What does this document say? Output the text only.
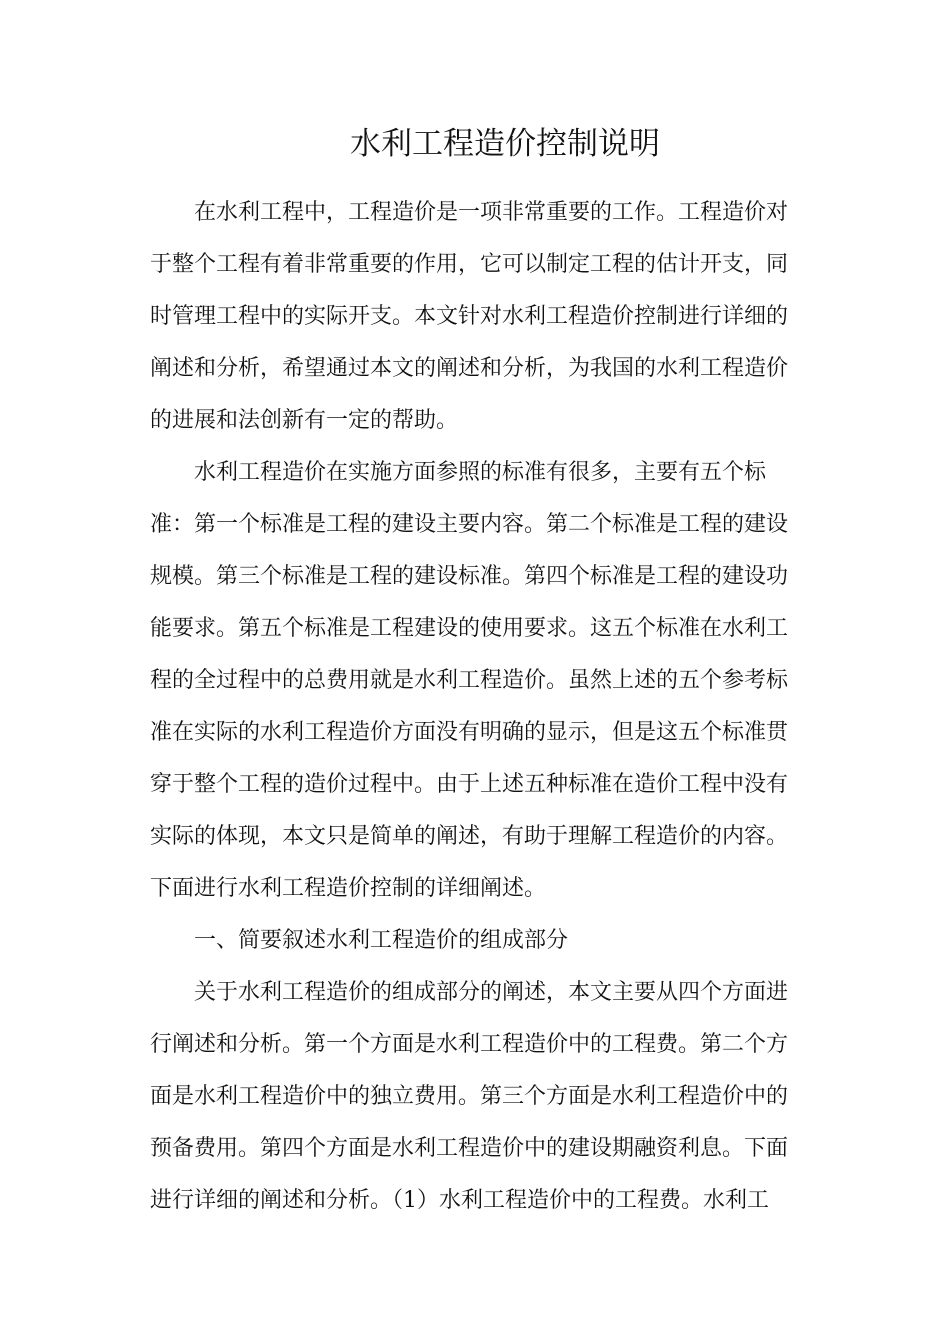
水利工程造价控制说明

在水利工程中，工程造价是一项非常重要的工作。工程造价对

于整个工程有着非常重要的作用，它可以制定工程的估计开支，同

时管理工程中的实际开支。本文针对水利工程造价控制进行详细的

阐述和分析，希望通过本文的阐述和分析，为我国的水利工程造价

的进展和法创新有一定的帮助。

水利工程造价在实施方面参照的标准有很多，主要有五个标

准：第一个标准是工程的建设主要内容。第二个标准是工程的建设

规模。第三个标准是工程的建设标准。第四个标准是工程的建设功

能要求。第五个标准是工程建设的使用要求。这五个标准在水利工

程的全过程中的总费用就是水利工程造价。虽然上述的五个参考标

准在实际的水利工程造价方面没有明确的显示，但是这五个标准贯

穿于整个工程的造价过程中。由于上述五种标准在造价工程中没有

实际的体现，本文只是简单的阐述，有助于理解工程造价的内容。

下面进行水利工程造价控制的详细阐述。

一、简要叙述水利工程造价的组成部分

关于水利工程造价的组成部分的阐述，本文主要从四个方面进

行阐述和分析。第一个方面是水利工程造价中的工程费。第二个方

面是水利工程造价中的独立费用。第三个方面是水利工程造价中的

预备费用。第四个方面是水利工程造价中的建设期融资利息。下面

进行详细的阐述和分析。（1）水利工程造价中的工程费。水利工
